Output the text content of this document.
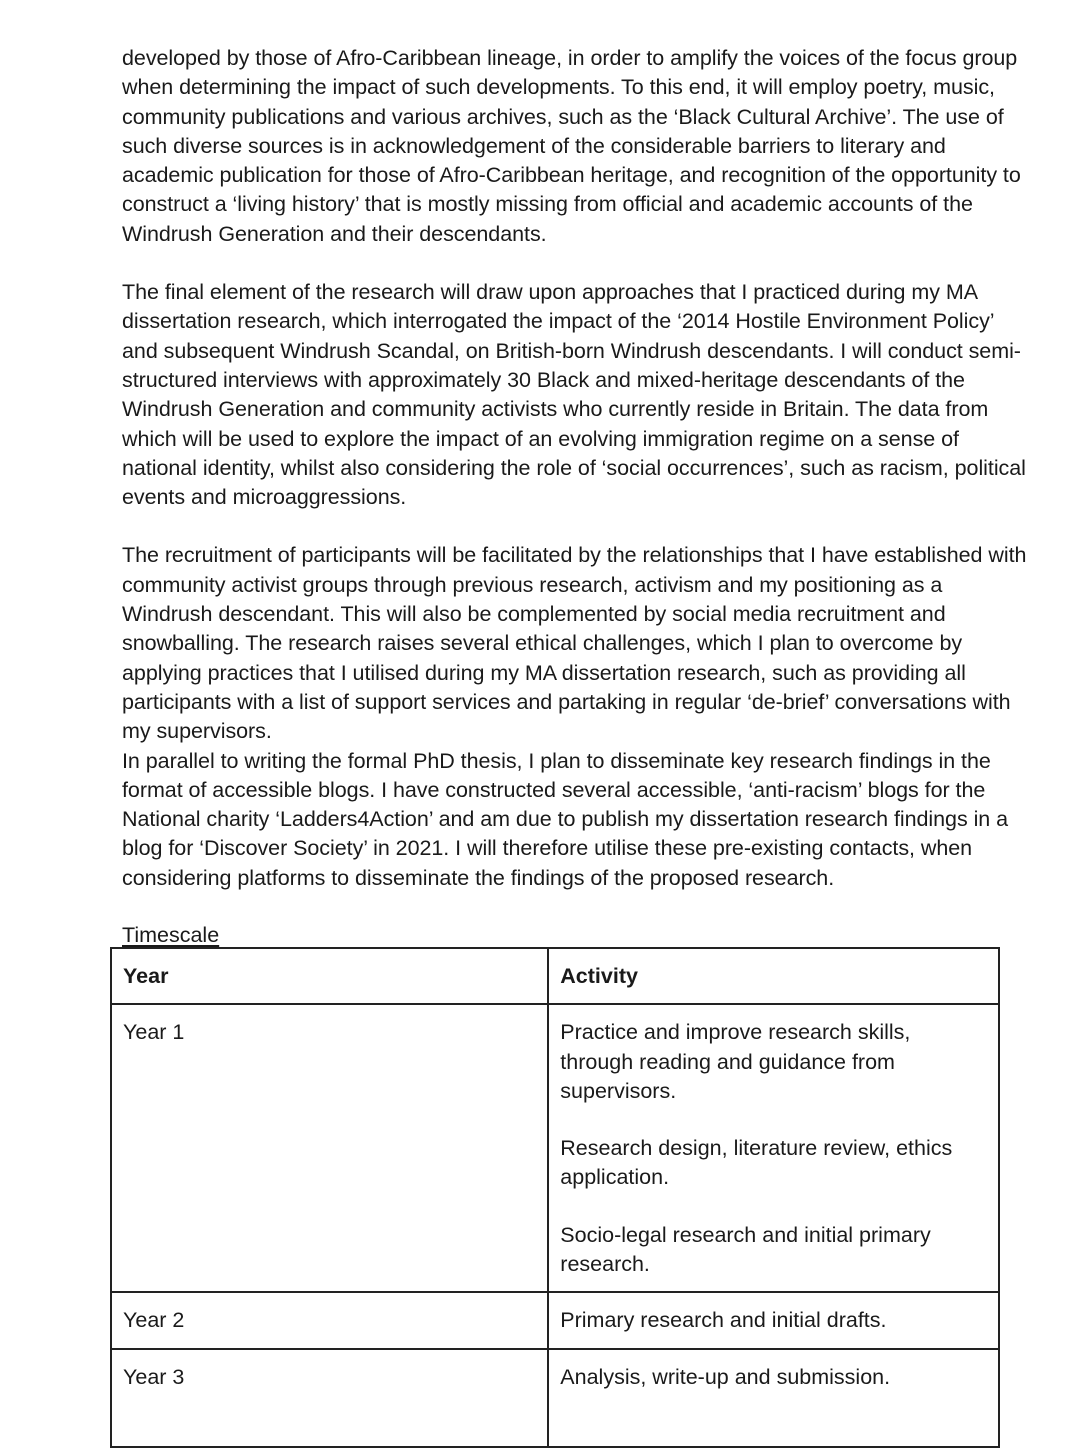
developed by those of Afro-Caribbean lineage, in order to amplify the voices of the focus group when determining the impact of such developments. To this end, it will employ poetry, music, community publications and various archives, such as the ‘Black Cultural Archive’. The use of such diverse sources is in acknowledgement of the considerable barriers to literary and academic publication for those of Afro-Caribbean heritage, and recognition of the opportunity to construct a ‘living history’ that is mostly missing from official and academic accounts of the Windrush Generation and their descendants.

The final element of the research will draw upon approaches that I practiced during my MA dissertation research, which interrogated the impact of the ‘2014 Hostile Environment Policy’ and subsequent Windrush Scandal, on British-born Windrush descendants. I will conduct semi-structured interviews with approximately 30 Black and mixed-heritage descendants of the Windrush Generation and community activists who currently reside in Britain. The data from which will be used to explore the impact of an evolving immigration regime on a sense of national identity, whilst also considering the role of ‘social occurrences’, such as racism, political events and microaggressions.

The recruitment of participants will be facilitated by the relationships that I have established with community activist groups through previous research, activism and my positioning as a Windrush descendant. This will also be complemented by social media recruitment and snowballing. The research raises several ethical challenges, which I plan to overcome by applying practices that I utilised during my MA dissertation research, such as providing all participants with a list of support services and partaking in regular ‘de-brief’ conversations with my supervisors.

In parallel to writing the formal PhD thesis, I plan to disseminate key research findings in the format of accessible blogs. I have constructed several accessible, ‘anti-racism’ blogs for the National charity ‘Ladders4Action’ and am due to publish my dissertation research findings in a blog for ‘Discover Society’ in 2021. I will therefore utilise these pre-existing contacts, when considering platforms to disseminate the findings of the proposed research.

Timescale
Year	Activity
Year 1	Practice and improve research skills, through reading and guidance from supervisors.
Research design, literature review, ethics application.
Socio-legal research and initial primary research.

Year 2	Primary research and initial drafts.

Year 3	Analysis, write-up and submission.
